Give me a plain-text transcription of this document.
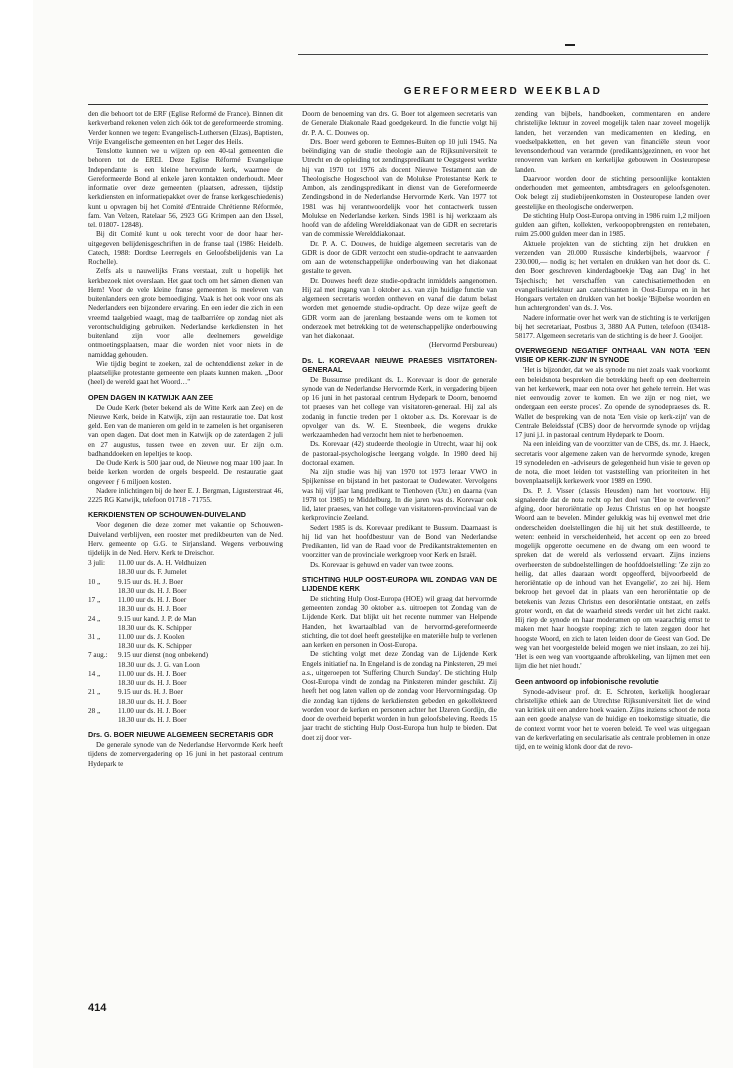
GEREFORMEERD WEEKBLAD

den die behoort tot de ERF (Eglise Reformé de France). Binnen dit kerkverband rekenen velen zich óók tot de gereformeerde stroming. Verder konnen we tegen: Evangelisch-Luthersen (Elzas), Baptisten, Vrije Evangelische gemeenten en het Leger des Heils.

Tenslotte kunnen we u wijzen op een 40-tal gemeenten die behoren tot de EREI. Deze Eglise Réformé Evangelique Independante is een kleine hervormde kerk, waarmee de Gereformeerde Bond al enkele jaren kontakten onderhoudt. Meer informatie over deze gemeenten (plaatsen, adressen, tijdstip kerkdiensten en informatiepakket over de franse kerkgeschiedenis) kunt u opvragen bij het Comité d'Entraide Chrétienne Réformée, fam. Van Velzen, Ratelaar 56, 2923 GG Krimpen aan den IJssel, tel. 01807- 12848).

Bij dit Comité kunt u ook terecht voor de door haar her-uitgegeven belijdenisgeschriften in de franse taal (1986: Heidelb. Catech, 1988: Dordtse Leerregels en Geloofsbelijdenis van La Rochelle).

Zelfs als u nauwelijks Frans verstaat, zult u hopelijk het kerkbezoek niet overslaan. Het gaat toch om het sámen dienen van Hem! Voor de vele kleine franse gemeenten is meeleven van buitenlanders een grote bemoediging. Vaak is het ook voor ons als Nederlanders een bijzondere ervaring. En een ieder die zich in een vreemd taalgebied waagt, mag de taalbarrière op zondag niet als verontschuldiging gebruiken. Nederlandse kerkdiensten in het buitenland zijn voor alle deelnemers geweldige ontmoetingsplaatsen, maar die worden niet voor niets in de namiddag gehouden.

Wie tijdig begint te zoeken, zal de ochtenddienst zeker in de plaatselijke protestante gemeente een plaats kunnen maken. „Door (heel) de wereld gaat het Woord…"

OPEN DAGEN IN KATWIJK AAN ZEE

De Oude Kerk (beter bekend als de Witte Kerk aan Zee) en de Nieuwe Kerk, beide in Katwijk, zijn aan restauratie toe. Dat kost geld. Een van de manieren om geld in te zamelen is het organiseren van open dagen. Dat doet men in Katwijk op de zaterdagen 2 juli en 27 augustus, tussen twee en zeven uur. Er zijn o.m. badhanddoeken en lepeltjes te koop.

De Oude Kerk is 500 jaar oud, de Nieuwe nog maar 100 jaar. In beide kerken worden de orgels bespeeld. De restauratie gaat ongeveer ƒ 6 miljoen kosten.

Nadere inlichtingen bij de heer E. J. Bergman, Ligusterstraat 46, 2225 RG Katwijk, telefoon 01718 - 71755.

KERKDIENSTEN OP SCHOUWEN-DUIVELAND

Voor degenen die deze zomer met vakantie op Schouwen-Duiveland verblijven, een rooster met predikbeurten van de Ned. Herv. gemeente op G.G. te Sirjansland. Wegens verbouwing tijdelijk in de Ned. Herv. Kerk te Dreischor.

3 juli:	11.00 uur ds. A. H. Veldhuizen
	18.30 uur ds. F. Jumelet
10 „	9.15 uur ds. H. J. Boer
	18.30 uur ds. H. J. Boer
17 „	11.00 uur ds. H. J. Boer
	18.30 uur ds. H. J. Boer
24 „	9.15 uur kand. J. P. de Man
	18.30 uur ds. K. Schipper
31 „	11.00 uur ds. J. Koolen
	18.30 uur ds. K. Schipper
7 aug.:	9.15 uur dienst (nog onbekend)
	18.30 uur ds. J. G. van Loon
14 „	11.00 uur ds. H. J. Boer
	18.30 uur ds. H. J. Boer
21 „	9.15 uur ds. H. J. Boer
	18.30 uur ds. H. J. Boer
28 „	11.00 uur ds. H. J. Boer
	18.30 uur ds. H. J. Boer
Drs. G. BOER NIEUWE ALGEMEEN SECRETARIS GDR

De generale synode van de Nederlandse Hervormde Kerk heeft tijdens de zomervergadering op 16 juni in het pastoraal centrum Hydepark te

Doorn de benoeming van drs. G. Boer tot algemeen secretaris van de Generale Diakonale Raad goedgekeurd. In die functie volgt hij dr. P. A. C. Douwes op.

Drs. Boer werd geboren te Eemnes-Buiten op 10 juli 1945. Na beëindiging van de studie theologie aan de Rijksuniversiteit te Utrecht en de opleiding tot zendingspredikant te Oegstgeest werkte hij van 1970 tot 1976 als docent Nieuwe Testament aan de Theologische Hogeschool van de Molukse Protestantse Kerk te Ambon, als zendingspredikant in dienst van de Gereformeerde Zendingsbond in de Nederlandse Hervormde Kerk. Van 1977 tot 1981 was hij verantwoordelijk voor het contactwerk tussen Molukse en Nederlandse kerken. Sinds 1981 is hij werkzaam als hoofd van de afdeling Werelddiakonaat van de GDR en secretaris van de commissie Werelddiakonaat.

Dr. P. A. C. Douwes, de huidige algemeen secretaris van de GDR is door de GDR verzocht een studie-opdracht te aanvaarden om aan de wetenschappelijke onderbouwing van het diakonaat gestalte te geven.

Dr. Douwes heeft deze studie-opdracht inmiddels aangenomen. Hij zal met ingang van 1 oktober a.s. van zijn huidige functie van algemeen secretaris worden ontheven en vanaf die datum belast worden met genoemde studie-opdracht. Op deze wijze geeft de GDR vorm aan de jarenlang bestaande wens om te komen tot onderzoek met betrekking tot de wetenschappelijke onderbouwing van het diakonaat.

(Hervormd Persbureau)

Ds. L. KOREVAAR NIEUWE PRAESES VISITATOREN-GENERAAL

De Bussumse predikant ds. L. Korevaar is door de generale synode van de Nederlandse Hervormde Kerk, in vergadering bijeen op 16 juni in het pastoraal centrum Hydepark te Doorn, benoemd tot praeses van het college van visitatoren-generaal. Hij zal als zodanig in functie treden per 1 oktober a.s. Ds. Korevaar is de opvolger van ds. W. E. Steenbeek, die wegens drukke werkzaamheden had verzocht hem niet te herbenoemen.

Ds. Korevaar (42) studeerde theologie in Utrecht, waar hij ook de pastoraal-psychologische leergang volgde. In 1980 deed hij doctoraal examen.

Na zijn studie was hij van 1970 tot 1973 leraar VWO in Spijkenisse en bijstand in het pastoraat te Oudewater. Vervolgens was hij vijf jaar lang predikant te Tienhoven (Utr.) en daarna (van 1978 tot 1985) te Middelburg. In die jaren was ds. Korevaar ook lid, later praeses, van het college van visitatoren-provinciaal van de kerkprovincie Zeeland.

Sedert 1985 is ds. Korevaar predikant te Bussum. Daarnaast is hij lid van het hoofdbestuur van de Bond van Nederlandse Predikanten, lid van de Raad voor de Predikantstraktementen en voorzitter van de provinciale werkgroep voor Kerk en Israël.

Ds. Korevaar is gehuwd en vader van twee zoons.

STICHTING HULP OOST-EUROPA WIL ZONDAG VAN DE LIJDENDE KERK

De stichting Hulp Oost-Europa (HOE) wil graag dat hervormde gemeenten zondag 30 oktober a.s. uitroepen tot Zondag van de Lijdende Kerk. Dat blijkt uit het recente nummer van Helpende Handen, het kwartaalblad van de hervormd-gereformeerde stichting, die tot doel heeft geestelijke en materiële hulp te verlenen aan kerken en personen in Oost-Europa.

De stichting volgt met deze Zondag van de Lijdende Kerk Engels initiatief na. In Engeland is de zondag na Pinksteren, 29 mei a.s., uitgeroepen tot 'Suffering Church Sunday'. De stichting Hulp Oost-Europa vindt de zondag na Pinksteren minder geschikt. Zij heeft het oog laten vallen op de zondag voor Hervormingsdag. Op die zondag kan tijdens de kerkdiensten gebeden en gekollekteerd worden voor de kerken en personen achter het IJzeren Gordijn, die door de overheid beperkt worden in hun geloofsbeleving. Reeds 15 jaar tracht de stichting Hulp Oost-Europa hun hulp te bieden. Dat doet zij door ver-

zending van bijbels, handboeken, commentaren en andere christelijke lektuur in zoveel mogelijk talen naar zoveel mogelijk landen, het verzenden van medicamenten en kleding, en voedselpakketten, en het geven van financiële steun voor levensonderhoud van verarmde (predikants)gezinnen, en voor het renoveren van kerken en kerkelijke gebouwen in Oosteuropese landen.

Daarvoor worden door de stichting persoonlijke kontakten onderhouden met gemeenten, ambtsdragers en geloofsgenoten. Ook belegt zij studiebijeenkomsten in Oosteuropese landen over geestelijke en theologische onderwerpen.

De stichting Hulp Oost-Europa ontving in 1986 ruim 1,2 miljoen gulden aan giften, kollekten, verkoopopbrengsten en rentebaten, ruim 25.000 gulden meer dan in 1985.

Aktuele projekten van de stichting zijn het drukken en verzenden van 20.000 Russische kinderbijbels, waarvoor ƒ 230.000,— nodig is; het vertalen en drukken van het door ds. C. den Boer geschreven kinderdagboekje 'Dag aan Dag' in het Tsjechisch; het verschaffen van catechisatiemethoden en evangelisatielektuur aan catechisanten in Oost-Europa en in het Hongaars vertalen en drukken van het boekje 'Bijbelse woorden en hun achtergronden' van ds. J. Vos.

Nadere informatie over het werk van de stichting is te verkrijgen bij het secretariaat, Postbus 3, 3880 AA Putten, telefoon (03418- 58177. Algemeen secretaris van de stichting is de heer J. Gooijer.

OVERWEGEND NEGATIEF ONTHAAL VAN NOTA 'EEN VISIE OP KERK-ZIJN' IN SYNODE

'Het is bijzonder, dat we als synode nu niet zoals vaak voorkomt een beleidsnota bespreken die betrekking heeft op een deelterrein van het kerkewerk, maar een nota over het gehele terrein. Het was niet eenvoudig zover te komen. En we zijn er nog niet, we ondergaan een eerste proces'. Zo opende de synodepraeses ds. R. Wallet de bespreking van de nota 'Een visie op kerk-zijn' van de Centrale Beleidsstaf (CBS) door de hervormde synode op vrijdag 17 juni j.l. in pastoraal centrum Hydepark te Doorn.

Na een inleiding van de voorzitter van de CBS, ds. mr. J. Haeck, secretaris voor algemene zaken van de hervormde synode, kregen 19 synodeleden en -adviseurs de gelegenheid hun visie te geven op de nota, die moet leiden tot vaststelling van prioriteiten in het bovenplaatselijk kerkewerk voor 1989 en 1990.

Ds. P. J. Visser (classis Heusden) nam het voortouw. Hij signaleerde dat de nota recht op het doel van 'Hoe te overleven?' afging, door heroriëntatie op Jezus Christus en op het hoogste Woord aan te bevelen. Minder gelukkig was hij evenwel met drie onderscheiden doelstellingen die hij uit het stuk destilleerde, te weten: eenheid in verscheidenheid, het accent op een zo breed mogelijk opgerotte oecumene en de dwang om een woord te spreken dat de wereld als verlossend ervaart. Zijns inziens overheersten de subdoelstellingen de hoofddoelstelling: 'Ze zijn zo heilig, dat alles daaraan wordt opgeofferd, bijvoorbeeld de heroriëntatie op de inhoud van het Evangelie', zo zei hij. Hem bekroop het gevoel dat in plaats van een heroriëntatie op de betekenis van Jezus Christus een desoriëntatie ontstaat, en zelfs groter wordt, en dat de waarheid steeds verder uit het zicht raakt. Hij riep de synode en haar moderamen op om waarachtig ernst te maken met haar hoogste roeping: zich te laten zeggen door het hoogste Woord, en zich te laten leiden door de Geest van God. De weg van het voorgestelde beleid mogen we niet inslaan, zo zei hij. 'Het is een weg van voortgaande afbrokkeling, van lijmen met een lijm die het niet houdt.'

Geen antwoord op infobionische revolutie

Synode-adviseur prof. dr. E. Schroten, kerkelijk hoogleraar christelijke ethiek aan de Utrechtse Rijksuniversiteit liet de wind van kritiek uit een andere hoek waaien. Zijns inziens schoot de nota aan een goede analyse van de huidige en toekomstige situatie, die de context vormt voor het te voeren beleid. Te veel was uitgegaan van de kerkverlating en secularisatie als centrale problemen in onze tijd, en te weinig klonk door dat de revo-

414
